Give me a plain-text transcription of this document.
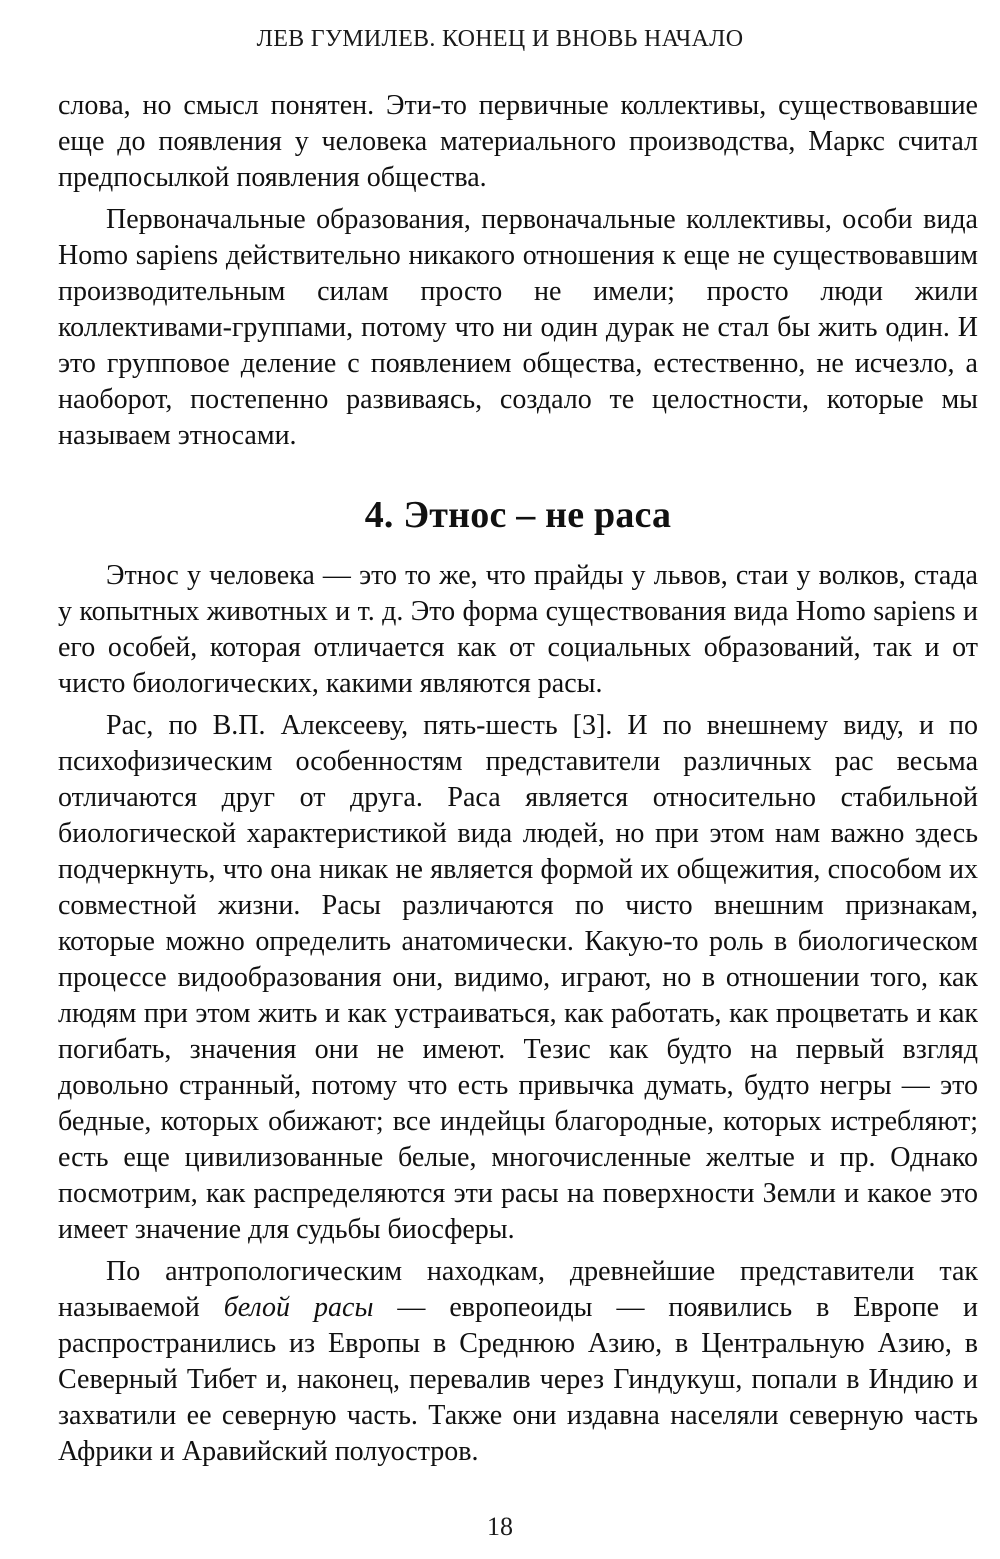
ЛЕВ ГУМИЛЕВ. КОНЕЦ И ВНОВЬ НАЧАЛО

слова, но смысл понятен. Эти-то первичные коллективы, существовавшие еще до появления у человека материального производства, Маркс считал предпосылкой появления общества.

Первоначальные образования, первоначальные коллективы, особи вида Homo sapiens действительно никакого отношения к еще не существовавшим производительным силам просто не имели; просто люди жили коллективами-группами, потому что ни один дурак не стал бы жить один. И это групповое деление с появлением общества, естественно, не исчезло, а наоборот, постепенно развиваясь, создало те целостности, которые мы называем этносами.

4. Этнос – не раса

Этнос у человека — это то же, что прайды у львов, стаи у волков, стада у копытных животных и т. д. Это форма существования вида Homo sapiens и его особей, которая отличается как от социальных образований, так и от чисто биологических, какими являются расы.

Рас, по В.П. Алексееву, пять-шесть [3]. И по внешнему виду, и по психофизическим особенностям представители различных рас весьма отличаются друг от друга. Раса является относительно стабильной биологической характеристикой вида людей, но при этом нам важно здесь подчеркнуть, что она никак не является формой их общежития, способом их совместной жизни. Расы различаются по чисто внешним признакам, которые можно определить анатомически. Какую-то роль в биологическом процессе видообразования они, видимо, играют, но в отношении того, как людям при этом жить и как устраиваться, как работать, как процветать и как погибать, значения они не имеют. Тезис как будто на первый взгляд довольно странный, потому что есть привычка думать, будто негры — это бедные, которых обижают; все индейцы благородные, которых истребляют; есть еще цивилизованные белые, многочисленные желтые и пр. Однако посмотрим, как распределяются эти расы на поверхности Земли и какое это имеет значение для судьбы биосферы.

По антропологическим находкам, древнейшие представители так называемой белой расы — европеоиды — появились в Европе и распространились из Европы в Среднюю Азию, в Центральную Азию, в Северный Тибет и, наконец, перевалив через Гиндукуш, попали в Индию и захватили ее северную часть. Также они издавна населяли северную часть Африки и Аравийский полуостров.

18
